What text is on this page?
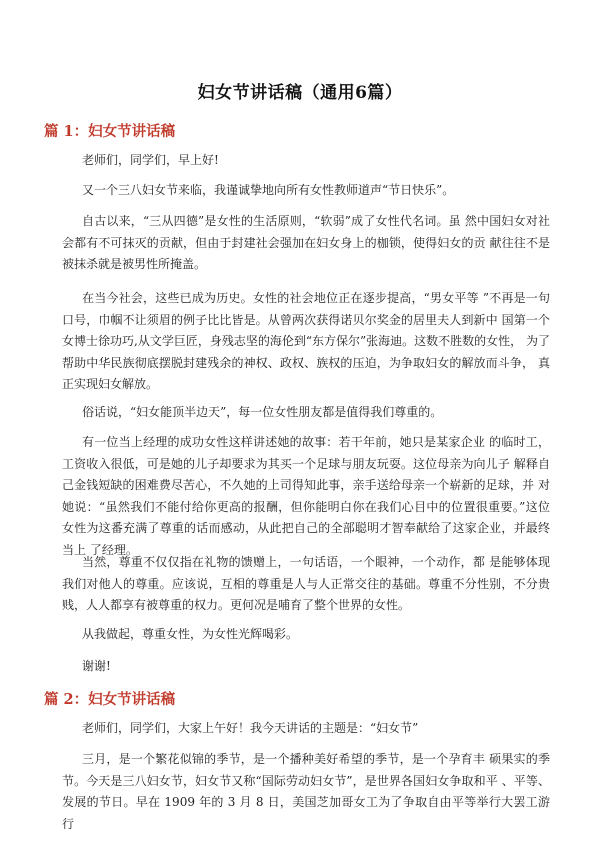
妇女节讲话稿（通用6篇）
篇 1：妇女节讲话稿
老师们，同学们，早上好!
又一个三八妇女节来临，我谨诚挚地向所有女性教师道声“节日快乐”。
自古以来，“三从四德”是女性的生活原则，“软弱”成了女性代名词。虽 然中国妇女对社会都有不可抹灭的贡献，但由于封建社会强加在妇女身上的枷锁，使得妇女的贡 献往往不是被抹杀就是被男性所掩盖。
在当今社会，这些已成为历史。女性的社会地位正在逐步提高，“男女平等 ”不再是一句口号，巾帼不让须眉的例子比比皆是。从曾两次获得诺贝尔奖金的居里夫人到新中 国第一个女博士徐功巧,从文学巨匠，身残志坚的海伦到“东方保尔”张海迪。这数不胜数的女性， 为了帮助中华民族彻底摆脱封建残余的神权、政权、族权的压迫，为争取妇女的解放而斗争， 真正实现妇女解放。
俗话说，“妇女能顶半边天”，每一位女性朋友都是值得我们尊重的。
有一位当上经理的成功女性这样讲述她的故事：若干年前，她只是某家企业 的临时工，工资收入很低，可是她的儿子却要求为其买一个足球与朋友玩耍。这位母亲为向儿子 解释自己金钱短缺的困难费尽苦心，不久她的上司得知此事，亲手送给母亲一个崭新的足球，并 对她说：“虽然我们不能付给你更高的报酬，但你能明白你在我们心目中的位置很重要。”这位 女性为这番充满了尊重的话而感动，从此把自己的全部聪明才智奉献给了这家企业，并最终当上 了经理。
当然，尊重不仅仅指在礼物的馈赠上，一句话语，一个眼神，一个动作，都 是能够体现我们对他人的尊重。应该说，互相的尊重是人与人正常交往的基础。尊重不分性别，不分贵贱，人人都享有被尊重的权力。更何况是哺育了整个世界的女性。
从我做起，尊重女性，为女性光辉喝彩。
谢谢!
篇 2：妇女节讲话稿
老师们，同学们，大家上午好！我今天讲话的主题是：“妇女节”
三月，是一个繁花似锦的季节，是一个播种美好希望的季节，是一个孕育丰 硕果实的季节。今天是三八妇女节，妇女节又称“国际劳动妇女节”，是世界各国妇女争取和平 、平等、发展的节日。早在 1909 年的 3 月 8 日，美国芝加哥女工为了争取自由平等举行大罢工游行
